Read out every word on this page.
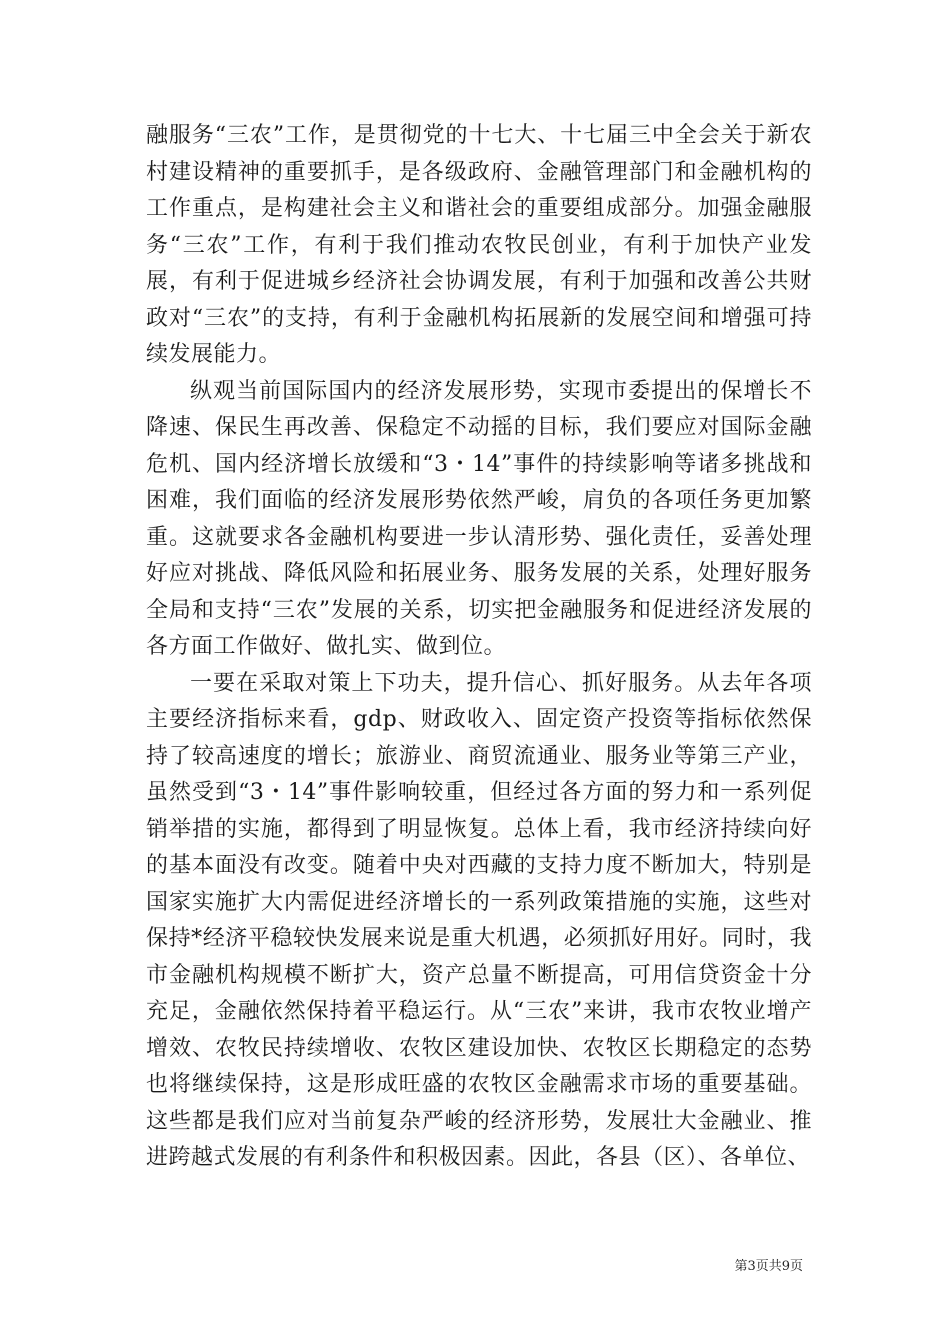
融服务“三农”工作，是贯彻党的十七大、十七届三中全会关于新农村建设精神的重要抓手，是各级政府、金融管理部门和金融机构的工作重点，是构建社会主义和谐社会的重要组成部分。加强金融服务“三农”工作，有利于我们推动农牧民创业，有利于加快产业发展，有利于促进城乡经济社会协调发展，有利于加强和改善公共财政对“三农”的支持，有利于金融机构拓展新的发展空间和增强可持续发展能力。

纵观当前国际国内的经济发展形势，实现市委提出的保增长不降速、保民生再改善、保稳定不动摇的目标，我们要应对国际金融危机、国内经济增长放缓和“3・14”事件的持续影响等诸多挑战和困难，我们面临的经济发展形势依然严峻，肩负的各项任务更加繁重。这就要求各金融机构要进一步认清形势、强化责任，妥善处理好应对挑战、降低风险和拓展业务、服务发展的关系，处理好服务全局和支持“三农”发展的关系，切实把金融服务和促进经济发展的各方面工作做好、做扎实、做到位。

一要在采取对策上下功夫，提升信心、抓好服务。从去年各项主要经济指标来看，gdp、财政收入、固定资产投资等指标依然保持了较高速度的增长；旅游业、商贸流通业、服务业等第三产业，虽然受到“3・14”事件影响较重，但经过各方面的努力和一系列促销举措的实施，都得到了明显恢复。总体上看，我市经济持续向好的基本面没有改变。随着中央对西藏的支持力度不断加大，特别是国家实施扩大内需促进经济增长的一系列政策措施的实施，这些对保持*经济平稳较快发展来说是重大机遇，必须抓好用好。同时，我市金融机构规模不断扩大，资产总量不断提高，可用信贷资金十分充足，金融依然保持着平稳运行。从“三农”来讲，我市农牧业增产增效、农牧民持续增收、农牧区建设加快、农牧区长期稳定的态势也将继续保持，这是形成旺盛的农牧区金融需求市场的重要基础。这些都是我们应对当前复杂严峻的经济形势，发展壮大金融业、推进跨越式发展的有利条件和积极因素。因此，各县（区）、各单位、

第3页共9页
